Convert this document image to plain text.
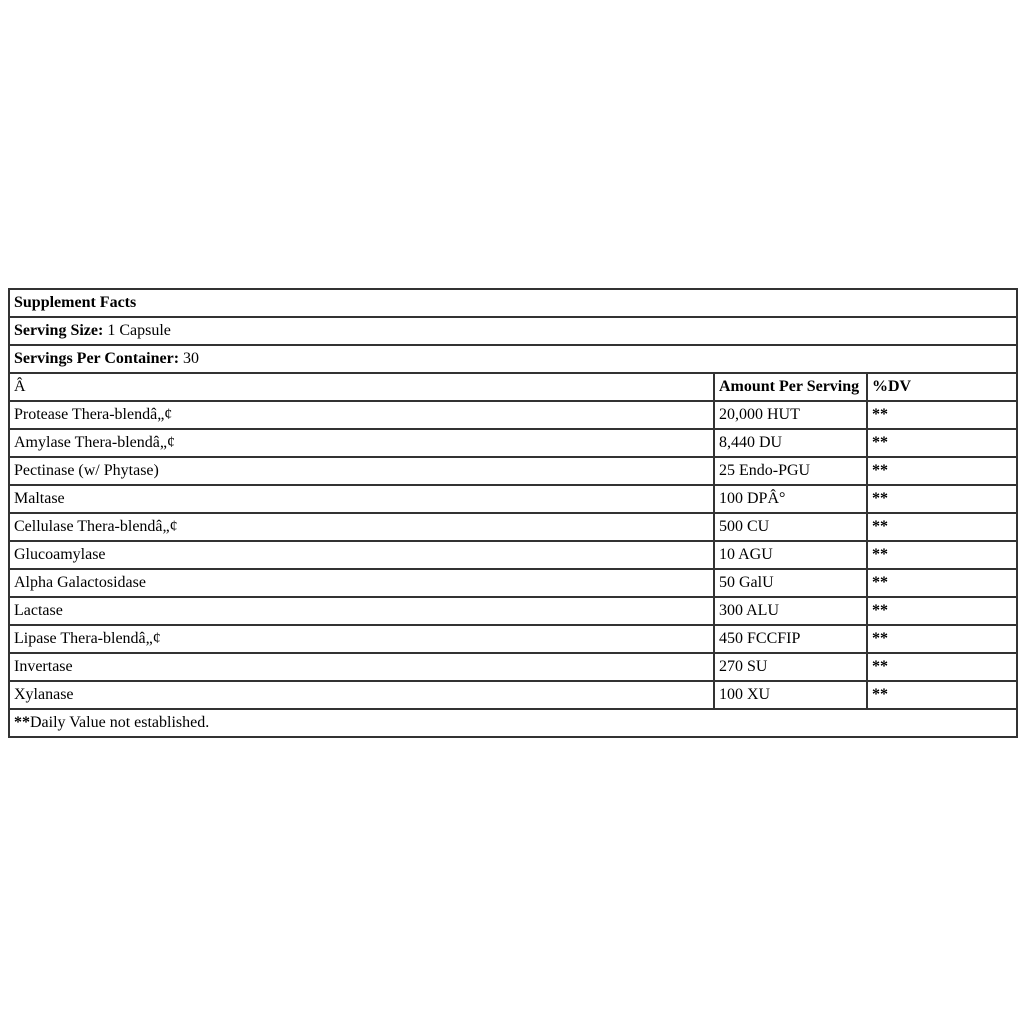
Supplement Facts		
Serving Size: 1 Capsule		
Servings Per Container: 30		
Â	Amount Per Serving	%DV
Protease Thera-blendâ„¢	20,000 HUT	**
Amylase Thera-blendâ„¢	8,440 DU	**
Pectinase (w/ Phytase)	25 Endo-PGU	**
Maltase	100 DPÂ°	**
Cellulase Thera-blendâ„¢	500 CU	**
Glucoamylase	10 AGU	**
Alpha Galactosidase	50 GalU	**
Lactase	300 ALU	**
Lipase Thera-blendâ„¢	450 FCCFIP	**
Invertase	270 SU	**
Xylanase	100 XU	**
**Daily Value not established.		
